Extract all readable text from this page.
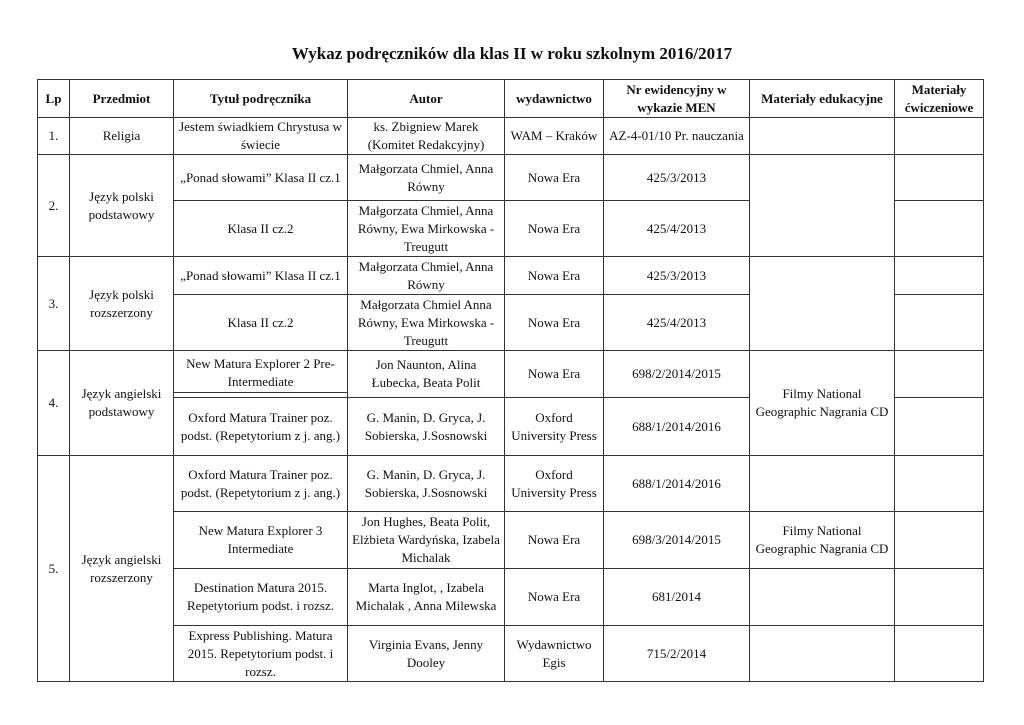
Wykaz podręczników dla klas II w roku szkolnym 2016/2017
Lp	Przedmiot	Tytuł podręcznika	Autor	wydawnictwo	Nr ewidencyjny w wykazie MEN	Materiały edukacyjne	Materiały ćwiczeniowe
1.	Religia	Jestem świadkiem Chrystusa w świecie	ks. Zbigniew Marek (Komitet Redakcyjny)	WAM – Kraków	AZ-4-01/10 Pr. nauczania		
2.	Język polski podstawowy	„Ponad słowami” Klasa II cz.1	Małgorzata Chmiel, Anna Równy	Nowa Era	425/3/2013		
		Klasa II cz.2	Małgorzata Chmiel, Anna Równy, Ewa Mirkowska - Treugutt	Nowa Era	425/4/2013		
3.	Język polski rozszerzony	„Ponad słowami” Klasa II cz.1	Małgorzata Chmiel, Anna Równy	Nowa Era	425/3/2013		
		Klasa II cz.2	Małgorzata Chmiel Anna Równy, Ewa Mirkowska - Treugutt	Nowa Era	425/4/2013		
4.	Język angielski podstawowy	New Matura Explorer 2 Pre- Intermediate	Jon Naunton, Alina Łubecka, Beata Polit	Nowa Era	698/2/2014/2015	Filmy National Geographic Nagrania CD	
		Oxford Matura Trainer poz. podst. (Repetytorium z j. ang.)	G. Manin, D. Gryca, J. Sobierska, J.Sosnowski	Oxford University Press	688/1/2014/2016		
5.	Język angielski rozszerzony	Oxford Matura Trainer poz. podst. (Repetytorium z j. ang.)	G. Manin, D. Gryca, J. Sobierska, J.Sosnowski	Oxford University Press	688/1/2014/2016		
		New Matura Explorer 3 Intermediate	Jon Hughes, Beata Polit, Elżbieta Wardyńska, Izabela Michalak	Nowa Era	698/3/2014/2015	Filmy National Geographic Nagrania CD	
		Destination Matura 2015. Repetytorium podst. i rozsz.	Marta Inglot, , Izabela Michalak , Anna Milewska	Nowa Era	681/2014		
		Express Publishing. Matura 2015. Repetytorium podst. i rozsz.	Virginia Evans, Jenny Dooley	Wydawnictwo Egis	715/2/2014		
